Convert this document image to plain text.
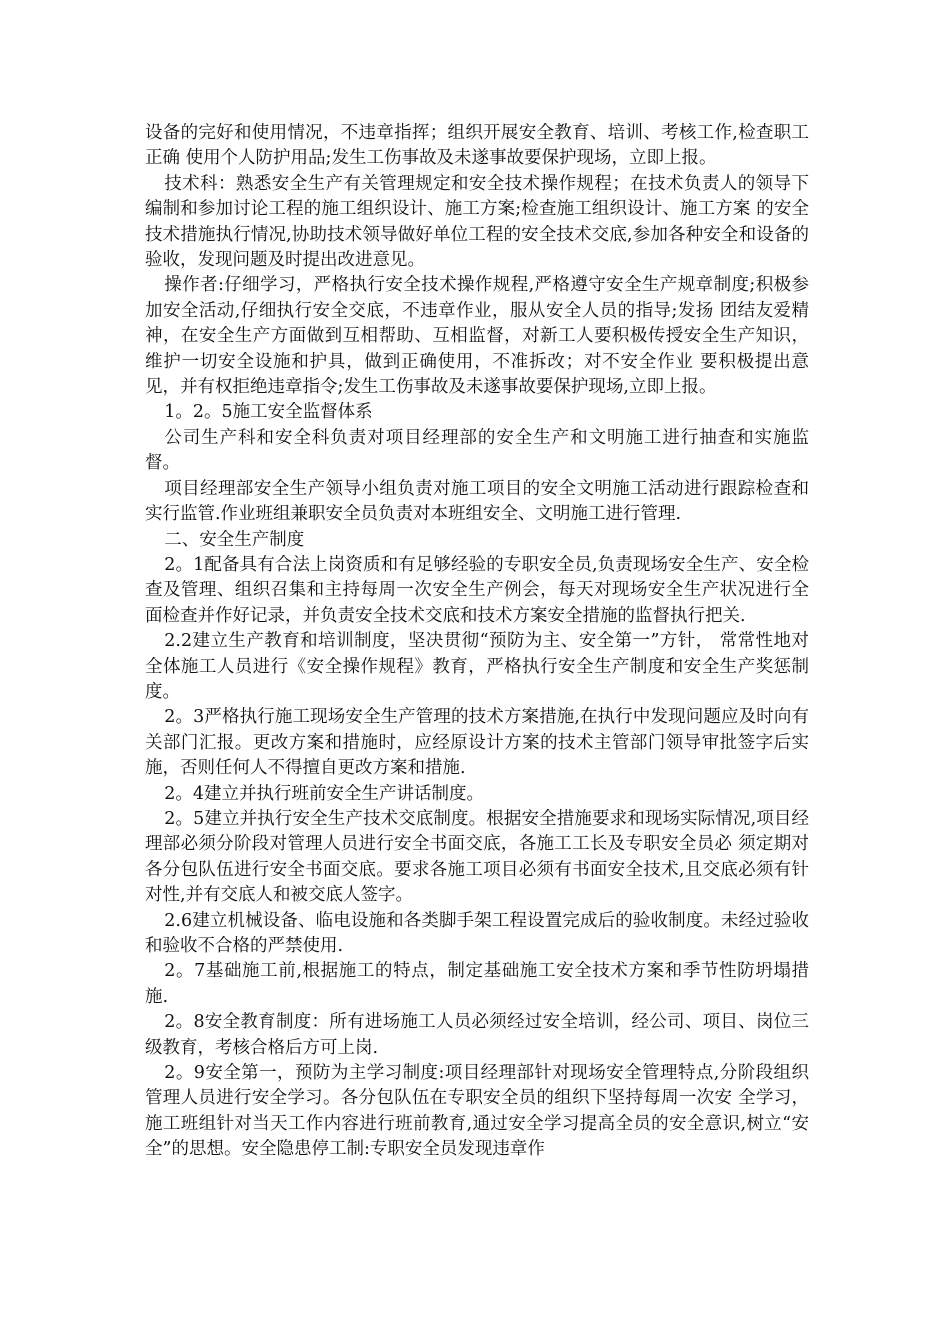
设备的完好和使用情况，不违章指挥；组织开展安全教育、培训、考核工作,检查职工正确 使用个人防护用品;发生工伤事故及未遂事故要保护现场，立即上报。

技术科：熟悉安全生产有关管理规定和安全技术操作规程；在技术负责人的领导下编制和参加讨论工程的施工组织设计、施工方案;检查施工组织设计、施工方案 的安全技术措施执行情况,协助技术领导做好单位工程的安全技术交底,参加各种安全和设备的验收，发现问题及时提出改进意见。

操作者:仔细学习，严格执行安全技术操作规程,严格遵守安全生产规章制度;积极参加安全活动,仔细执行安全交底，不违章作业，服从安全人员的指导;发扬 团结友爱精神，在安全生产方面做到互相帮助、互相监督，对新工人要积极传授安全生产知识，维护一切安全设施和护具，做到正确使用，不准拆改；对不安全作业 要积极提出意见，并有权拒绝违章指令;发生工伤事故及未遂事故要保护现场,立即上报。

1。2。5施工安全监督体系

公司生产科和安全科负责对项目经理部的安全生产和文明施工进行抽查和实施监督。

项目经理部安全生产领导小组负责对施工项目的安全文明施工活动进行跟踪检查和实行监管.作业班组兼职安全员负责对本班组安全、文明施工进行管理.

二、安全生产制度

2。1配备具有合法上岗资质和有足够经验的专职安全员,负责现场安全生产、安全检查及管理、组织召集和主持每周一次安全生产例会，每天对现场安全生产状况进行全面检查并作好记录，并负责安全技术交底和技术方案安全措施的监督执行把关.

2.2建立生产教育和培训制度，坚决贯彻“预防为主、安全第一”方针， 常常性地对全体施工人员进行《安全操作规程》教育，严格执行安全生产制度和安全生产奖惩制度。

2。3严格执行施工现场安全生产管理的技术方案措施,在执行中发现问题应及时向有关部门汇报。更改方案和措施时，应经原设计方案的技术主管部门领导审批签字后实施，否则任何人不得擅自更改方案和措施.

2。4建立并执行班前安全生产讲话制度。

2。5建立并执行安全生产技术交底制度。根据安全措施要求和现场实际情况,项目经理部必须分阶段对管理人员进行安全书面交底，各施工工长及专职安全员必 须定期对各分包队伍进行安全书面交底。要求各施工项目必须有书面安全技术,且交底必须有针对性,并有交底人和被交底人签字。

2.6建立机械设备、临电设施和各类脚手架工程设置完成后的验收制度。未经过验收和验收不合格的严禁使用.

2。7基础施工前,根据施工的特点，制定基础施工安全技术方案和季节性防坍塌措施.

2。8安全教育制度：所有进场施工人员必须经过安全培训，经公司、项目、岗位三级教育，考核合格后方可上岗.

2。9安全第一，预防为主学习制度:项目经理部针对现场安全管理特点,分阶段组织管理人员进行安全学习。各分包队伍在专职安全员的组织下坚持每周一次安 全学习，施工班组针对当天工作内容进行班前教育,通过安全学习提高全员的安全意识,树立“安全”的思想。安全隐患停工制:专职安全员发现违章作
